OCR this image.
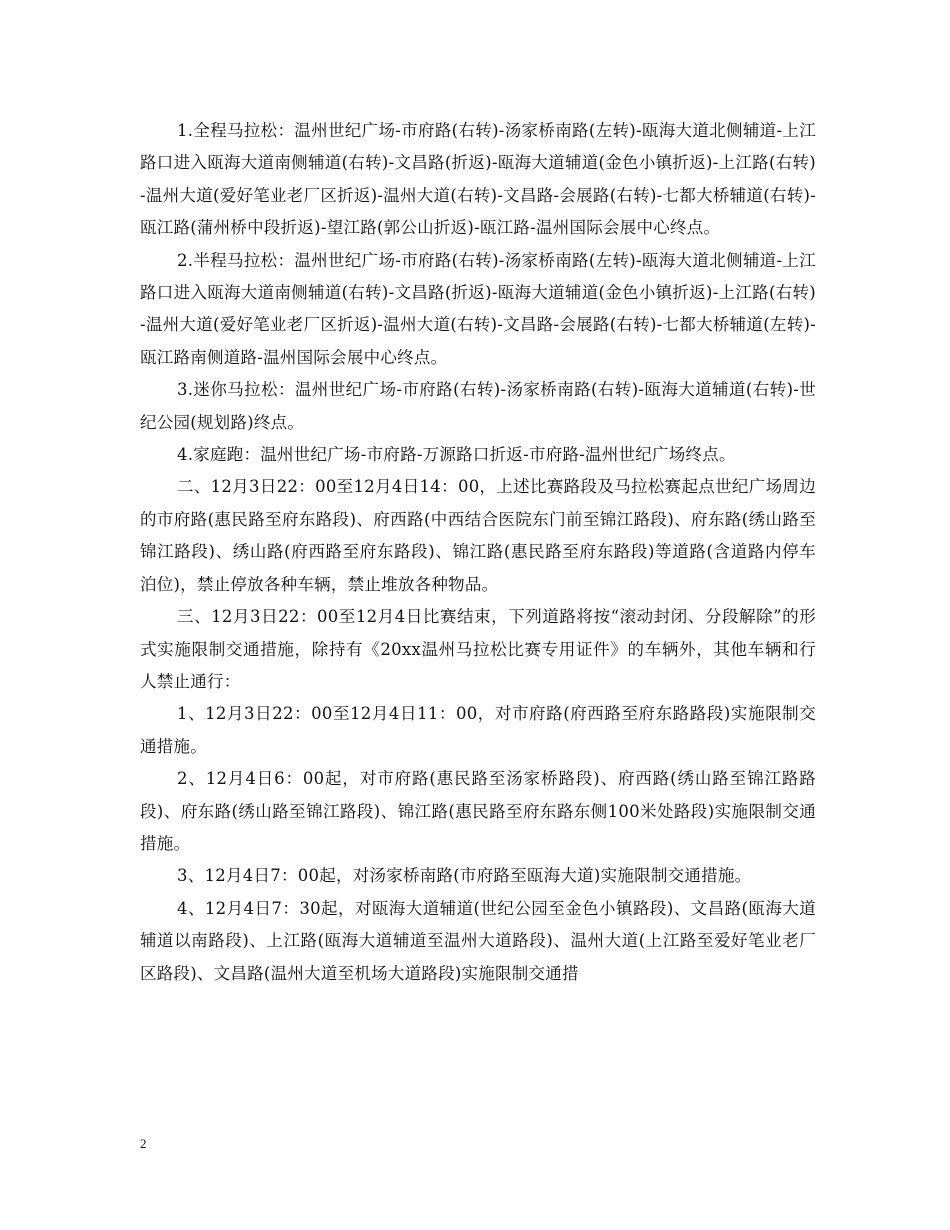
1.全程马拉松：温州世纪广场-市府路(右转)-汤家桥南路(左转)-瓯海大道北侧辅道-上江路口进入瓯海大道南侧辅道(右转)-文昌路(折返)-瓯海大道辅道(金色小镇折返)-上江路(右转)-温州大道(爱好笔业老厂区折返)-温州大道(右转)-文昌路-会展路(右转)-七都大桥辅道(右转)-瓯江路(蒲州桥中段折返)-望江路(郭公山折返)-瓯江路-温州国际会展中心终点。

2.半程马拉松：温州世纪广场-市府路(右转)-汤家桥南路(左转)-瓯海大道北侧辅道-上江路口进入瓯海大道南侧辅道(右转)-文昌路(折返)-瓯海大道辅道(金色小镇折返)-上江路(右转)-温州大道(爱好笔业老厂区折返)-温州大道(右转)-文昌路-会展路(右转)-七都大桥辅道(左转)-瓯江路南侧道路-温州国际会展中心终点。

3.迷你马拉松：温州世纪广场-市府路(右转)-汤家桥南路(右转)-瓯海大道辅道(右转)-世纪公园(规划路)终点。

4.家庭跑：温州世纪广场-市府路-万源路口折返-市府路-温州世纪广场终点。

二、12月3日22：00至12月4日14：00，上述比赛路段及马拉松赛起点世纪广场周边的市府路(惠民路至府东路段)、府西路(中西结合医院东门前至锦江路段)、府东路(绣山路至锦江路段)、绣山路(府西路至府东路段)、锦江路(惠民路至府东路段)等道路(含道路内停车泊位)，禁止停放各种车辆，禁止堆放各种物品。

三、12月3日22：00至12月4日比赛结束，下列道路将按“滚动封闭、分段解除”的形式实施限制交通措施，除持有《20xx温州马拉松比赛专用证件》的车辆外，其他车辆和行人禁止通行：

1、12月3日22：00至12月4日11：00，对市府路(府西路至府东路路段)实施限制交通措施。

2、12月4日6：00起，对市府路(惠民路至汤家桥路段)、府西路(绣山路至锦江路路段)、府东路(绣山路至锦江路段)、锦江路(惠民路至府东路东侧100米处路段)实施限制交通措施。

3、12月4日7：00起，对汤家桥南路(市府路至瓯海大道)实施限制交通措施。

4、12月4日7：30起，对瓯海大道辅道(世纪公园至金色小镇路段)、文昌路(瓯海大道辅道以南路段)、上江路(瓯海大道辅道至温州大道路段)、温州大道(上江路至爱好笔业老厂区路段)、文昌路(温州大道至机场大道路段)实施限制交通措

2
